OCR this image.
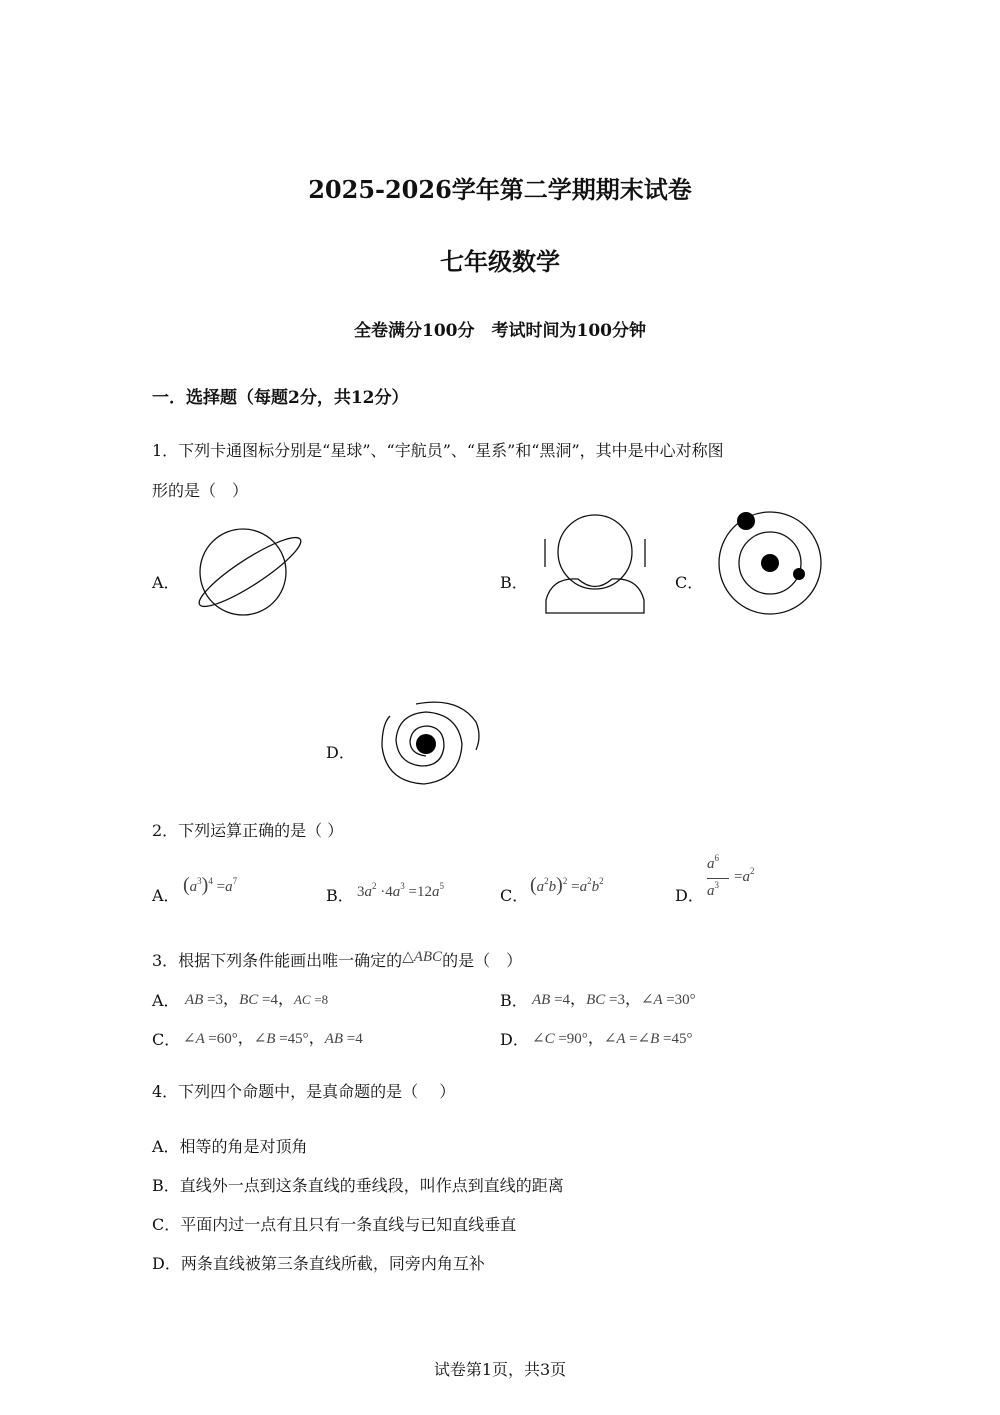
2025-2026学年第二学期期末试卷
七年级数学
全卷满分100分　考试时间为100分钟
一．选择题（每题2分，共12分）
1．下列卡通图标分别是“星球”、“宇航员”、“星系”和“黑洞”，其中是中心对称图
形的是（　）
A．	B．	C．
D．
2．下列运算正确的是（ ）
A． $(a^3)^4 =a^7$
B． $3a^2 \cdot 4a^3 =12a^5$	C． $(a^2b)^2 =a^2b^2$
D．
$a^6$
$a^3 =a^2$
3．根据下列条件能画出唯一确定的△ABC的是（　）
A． AB =3，BC =4，AC =8	B． AB =4，BC =3，∠A =30°
C． ∠A =60°，∠B =45°，AB =4	D． ∠C =90°，∠A =∠B =45°
4．下列四个命题中，是真命题的是（　 ）
A．相等的角是对顶角
B．直线外一点到这条直线的垂线段，叫作点到直线的距离
C．平面内过一点有且只有一条直线与已知直线垂直
D．两条直线被第三条直线所截，同旁内角互补
试卷第1页，共3页
